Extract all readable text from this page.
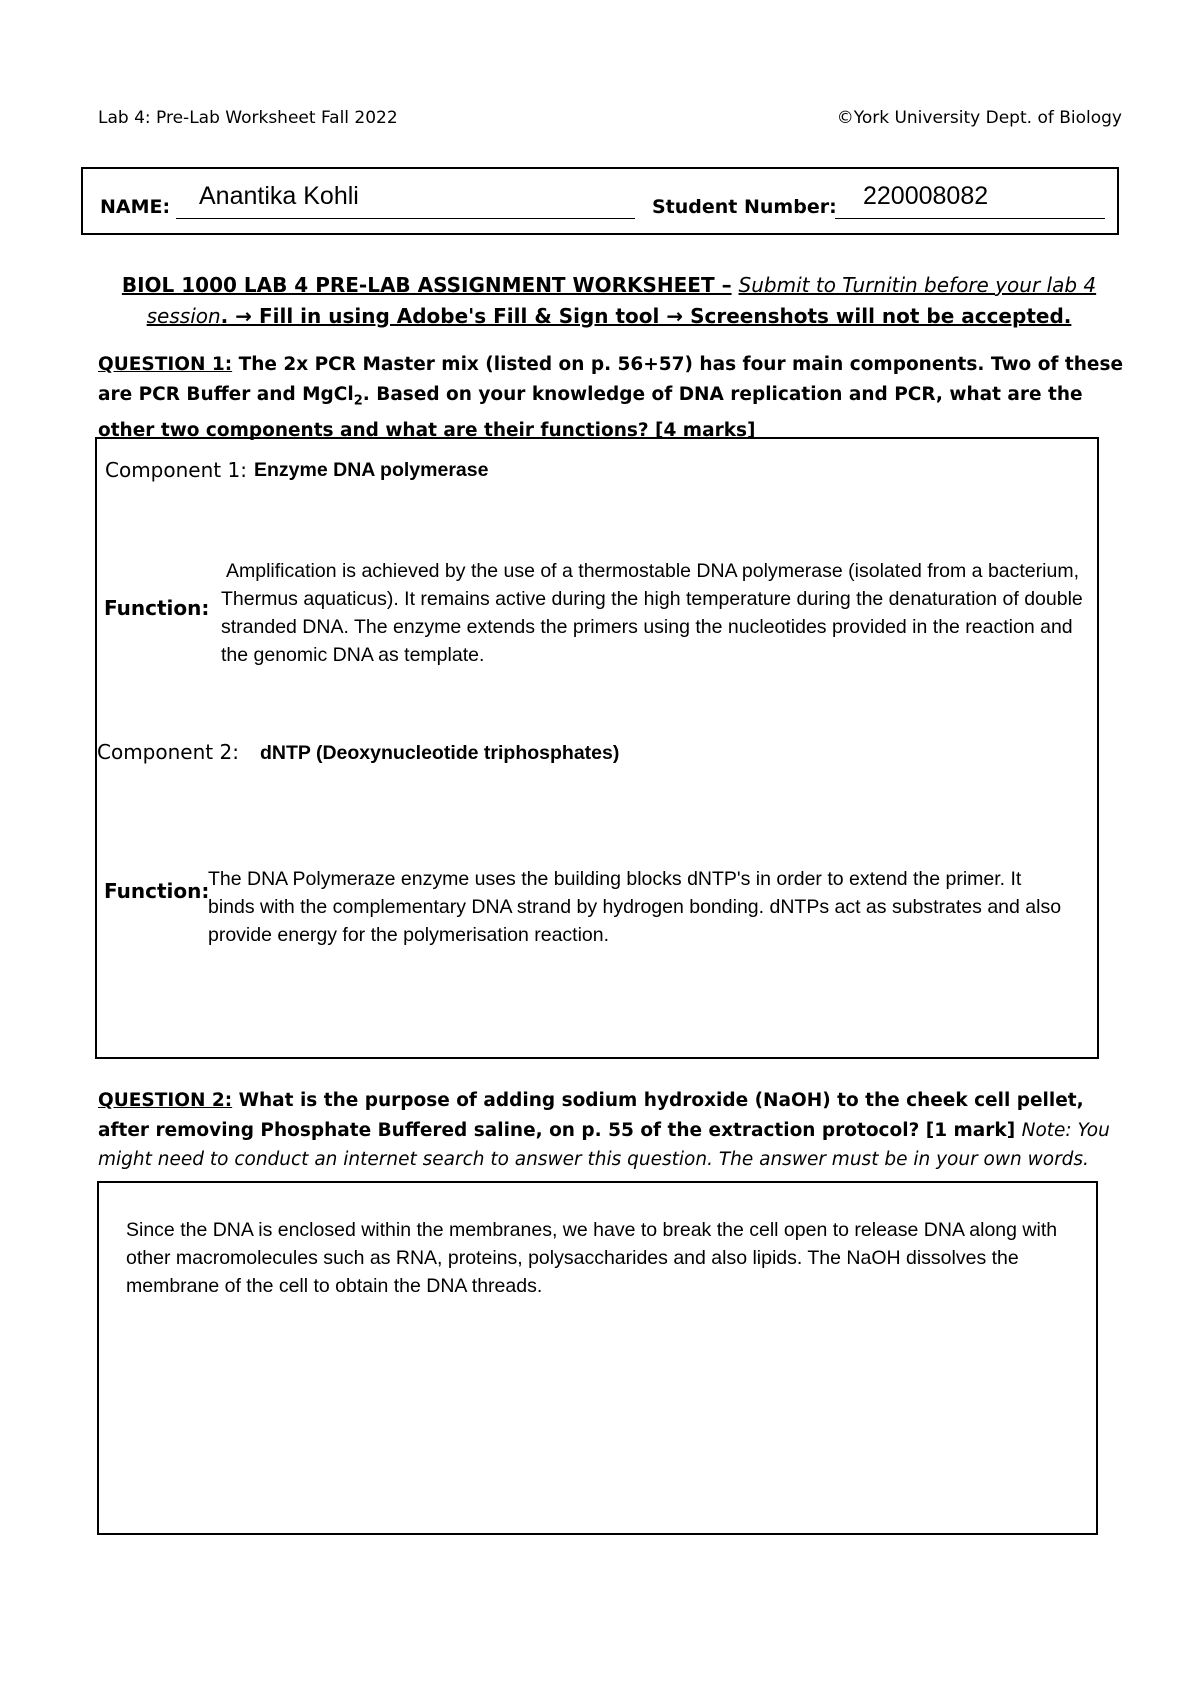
Lab 4: Pre-Lab Worksheet Fall 2022	©York University Dept. of Biology
NAME: Anantika Kohli	Student Number: 220008082
BIOL 1000 LAB 4 PRE-LAB ASSIGNMENT WORKSHEET – Submit to Turnitin before your lab 4 session. → Fill in using Adobe's Fill & Sign tool → Screenshots will not be accepted.
QUESTION 1: The 2x PCR Master mix (listed on p. 56+57) has four main components. Two of these are PCR Buffer and MgCl$_2$. Based on your knowledge of DNA replication and PCR, what are the other two components and what are their functions? [4 marks]
Component 1: Enzyme DNA polymerase
Function:
Amplification is achieved by the use of a thermostable DNA polymerase (isolated from a bacterium, Thermus aquaticus). It remains active during the high temperature during the denaturation of double stranded DNA. The enzyme extends the primers using the nucleotides provided in the reaction and the genomic DNA as template.
Component 2: dNTP (Deoxynucleotide triphosphates)
Function:
The DNA Polymeraze enzyme uses the building blocks dNTP's in order to extend the primer. It binds with the complementary DNA strand by hydrogen bonding. dNTPs act as substrates and also provide energy for the polymerisation reaction.
QUESTION 2: What is the purpose of adding sodium hydroxide (NaOH) to the cheek cell pellet, after removing Phosphate Buffered saline, on p. 55 of the extraction protocol? [1 mark] Note: You might need to conduct an internet search to answer this question. The answer must be in your own words.
Since the DNA is enclosed within the membranes, we have to break the cell open to release DNA along with other macromolecules such as RNA, proteins, polysaccharides and also lipids. The NaOH dissolves the membrane of the cell to obtain the DNA threads.
